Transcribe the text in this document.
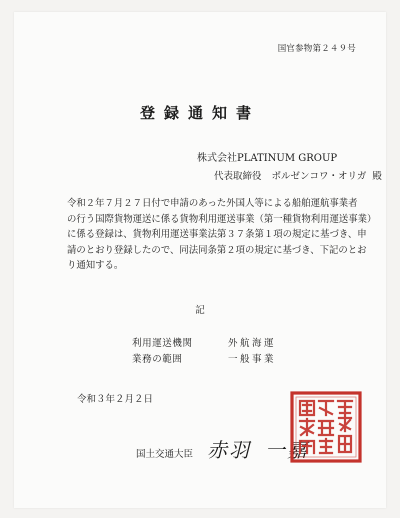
国官参物第２４９号
登録通知書
株式会社PLATINUM GROUP
代表取締役 ボルゼンコワ・オリガ 殿
令和２年７月２７日付で申請のあった外国人等による船舶運航事業者
の行う国際貨物運送に係る貨物利用運送事業（第一種貨物利用運送事業）
に係る登録は、貨物利用運送事業法第３７条第１項の規定に基づき、申
請のとおり登録したので、同法同条第２項の規定に基づき、下記のとお
り通知する。
記
利用運送機関	外航海運
業務の範囲	一般事業
令和３年２月２日
国土交通大臣 赤羽 一嘉
